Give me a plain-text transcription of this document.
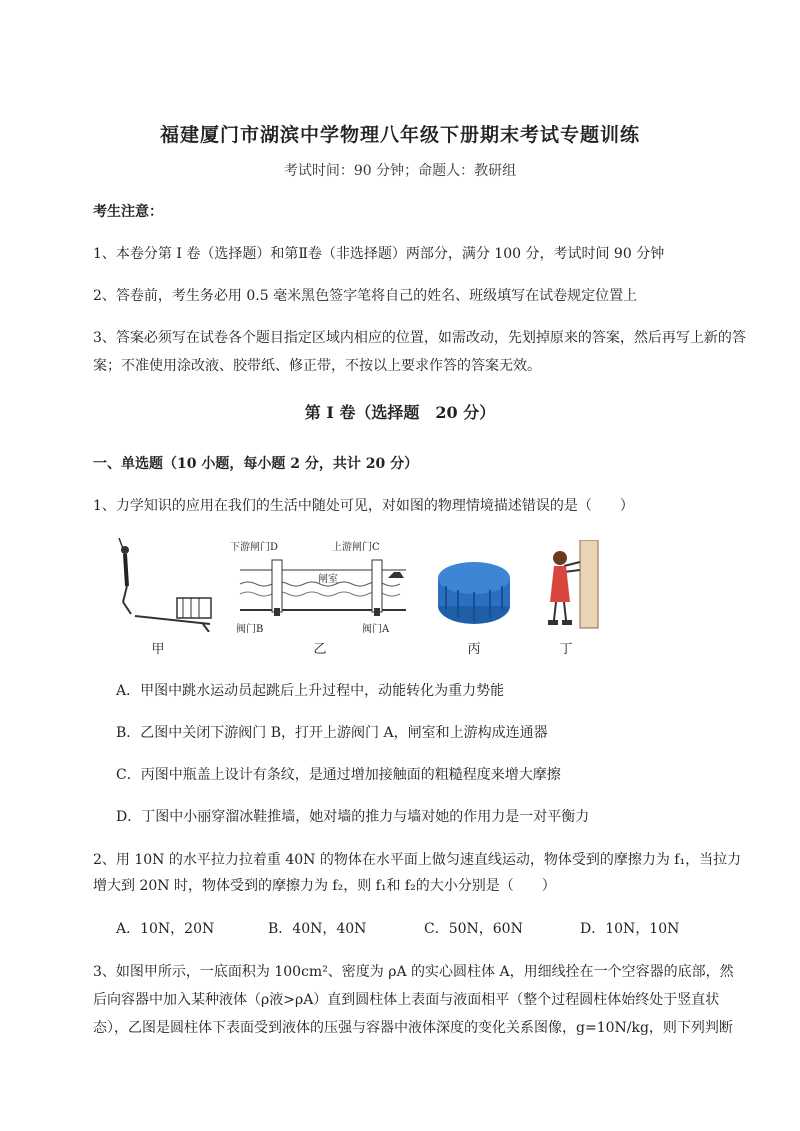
福建厦门市湖滨中学物理八年级下册期末考试专题训练
考试时间：90 分钟；命题人：教研组
考生注意：
1、本卷分第 I 卷（选择题）和第Ⅱ卷（非选择题）两部分，满分 100 分，考试时间 90 分钟
2、答卷前，考生务必用 0.5 毫米黑色签字笔将自己的姓名、班级填写在试卷规定位置上
3、答案必须写在试卷各个题目指定区域内相应的位置，如需改动，先划掉原来的答案，然后再写上新的答案；不准使用涂改液、胶带纸、修正带，不按以上要求作答的答案无效。
第 I 卷（选择题　20 分）
一、单选题（10 小题，每小题 2 分，共计 20 分）
1、力学知识的应用在我们的生活中随处可见，对如图的物理情境描述错误的是（　　）
甲
下游闸门D	上游闸门C
闸室
阀门B	阀门A
乙	丙	丁
A．甲图中跳水运动员起跳后上升过程中，动能转化为重力势能
B．乙图中关闭下游阀门 B，打开上游阀门 A，闸室和上游构成连通器
C．丙图中瓶盖上设计有条纹，是通过增加接触面的粗糙程度来增大摩擦
D．丁图中小丽穿溜冰鞋推墙，她对墙的推力与墙对她的作用力是一对平衡力
2、用 10N 的水平拉力拉着重 40N 的物体在水平面上做匀速直线运动，物体受到的摩擦力为 f₁，当拉力
增大到 20N 时，物体受到的摩擦力为 f₂，则 f₁和 f₂的大小分别是（　　）
A．10N，20N	B．40N，40N	C．50N，60N	D．10N，10N
3、如图甲所示，一底面积为 100cm²、密度为 ρA 的实心圆柱体 A，用细线拴在一个空容器的底部，然
后向容器中加入某种液体（ρ液>ρA）直到圆柱体上表面与液面相平（整个过程圆柱体始终处于竖直状
态），乙图是圆柱体下表面受到液体的压强与容器中液体深度的变化关系图像，g=10N/kg，则下列判断
